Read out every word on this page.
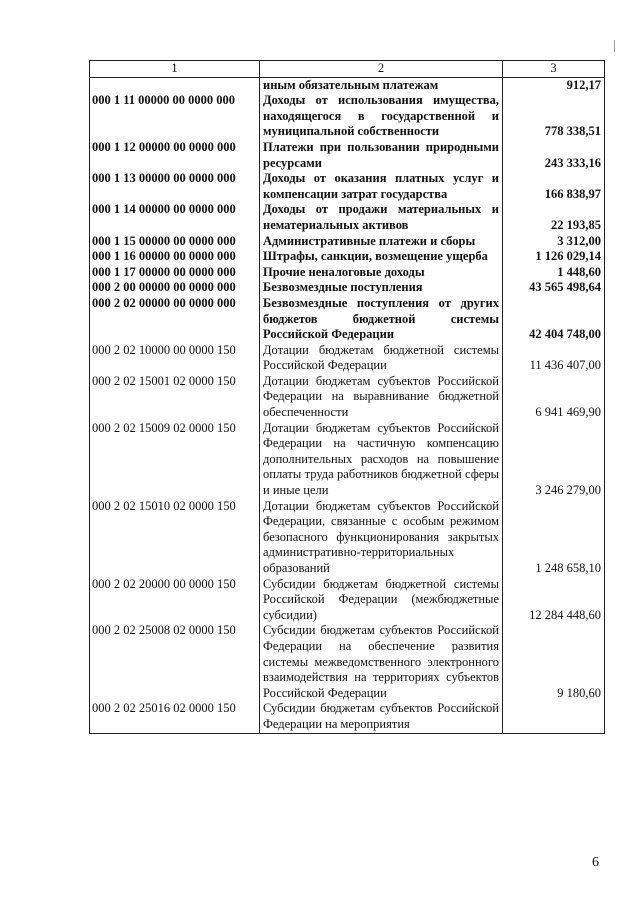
1	2	3
	иным обязательным платежам	912,17
000 1 11 00000 00 0000 000	Доходы от использования имущества, находящегося в государственной и муниципальной собственности	778 338,51
000 1 12 00000 00 0000 000	Платежи при пользовании природными ресурсами	243 333,16
000 1 13 00000 00 0000 000	Доходы от оказания платных услуг и компенсации затрат государства	166 838,97
000 1 14 00000 00 0000 000	Доходы от продажи материальных и нематериальных активов	22 193,85
000 1 15 00000 00 0000 000	Административные платежи и сборы	3 312,00
000 1 16 00000 00 0000 000	Штрафы, санкции, возмещение ущерба	1 126 029,14
000 1 17 00000 00 0000 000	Прочие неналоговые доходы	1 448,60
000 2 00 00000 00 0000 000	Безвозмездные поступления	43 565 498,64
000 2 02 00000 00 0000 000	Безвозмездные поступления от других бюджетов бюджетной системы Российской Федерации	42 404 748,00
000 2 02 10000 00 0000 150	Дотации бюджетам бюджетной системы Российской Федерации	11 436 407,00
000 2 02 15001 02 0000 150	Дотации бюджетам субъектов Российской Федерации на выравнивание бюджетной обеспеченности	6 941 469,90
000 2 02 15009 02 0000 150	Дотации бюджетам субъектов Российской Федерации на частичную компенсацию дополнительных расходов на повышение оплаты труда работников бюджетной сферы и иные цели	3 246 279,00
000 2 02 15010 02 0000 150	Дотации бюджетам субъектов Российской Федерации, связанные с особым режимом безопасного функционирования закрытых административно-территориальных образований	1 248 658,10
000 2 02 20000 00 0000 150	Субсидии бюджетам бюджетной системы Российской Федерации (межбюджетные субсидии)	12 284 448,60
000 2 02 25008 02 0000 150	Субсидии бюджетам субъектов Российской Федерации на обеспечение развития системы межведомственного электронного взаимодействия на территориях субъектов Российской Федерации	9 180,60
000 2 02 25016 02 0000 150	Субсидии бюджетам субъектов Российской Федерации на мероприятия	
6
